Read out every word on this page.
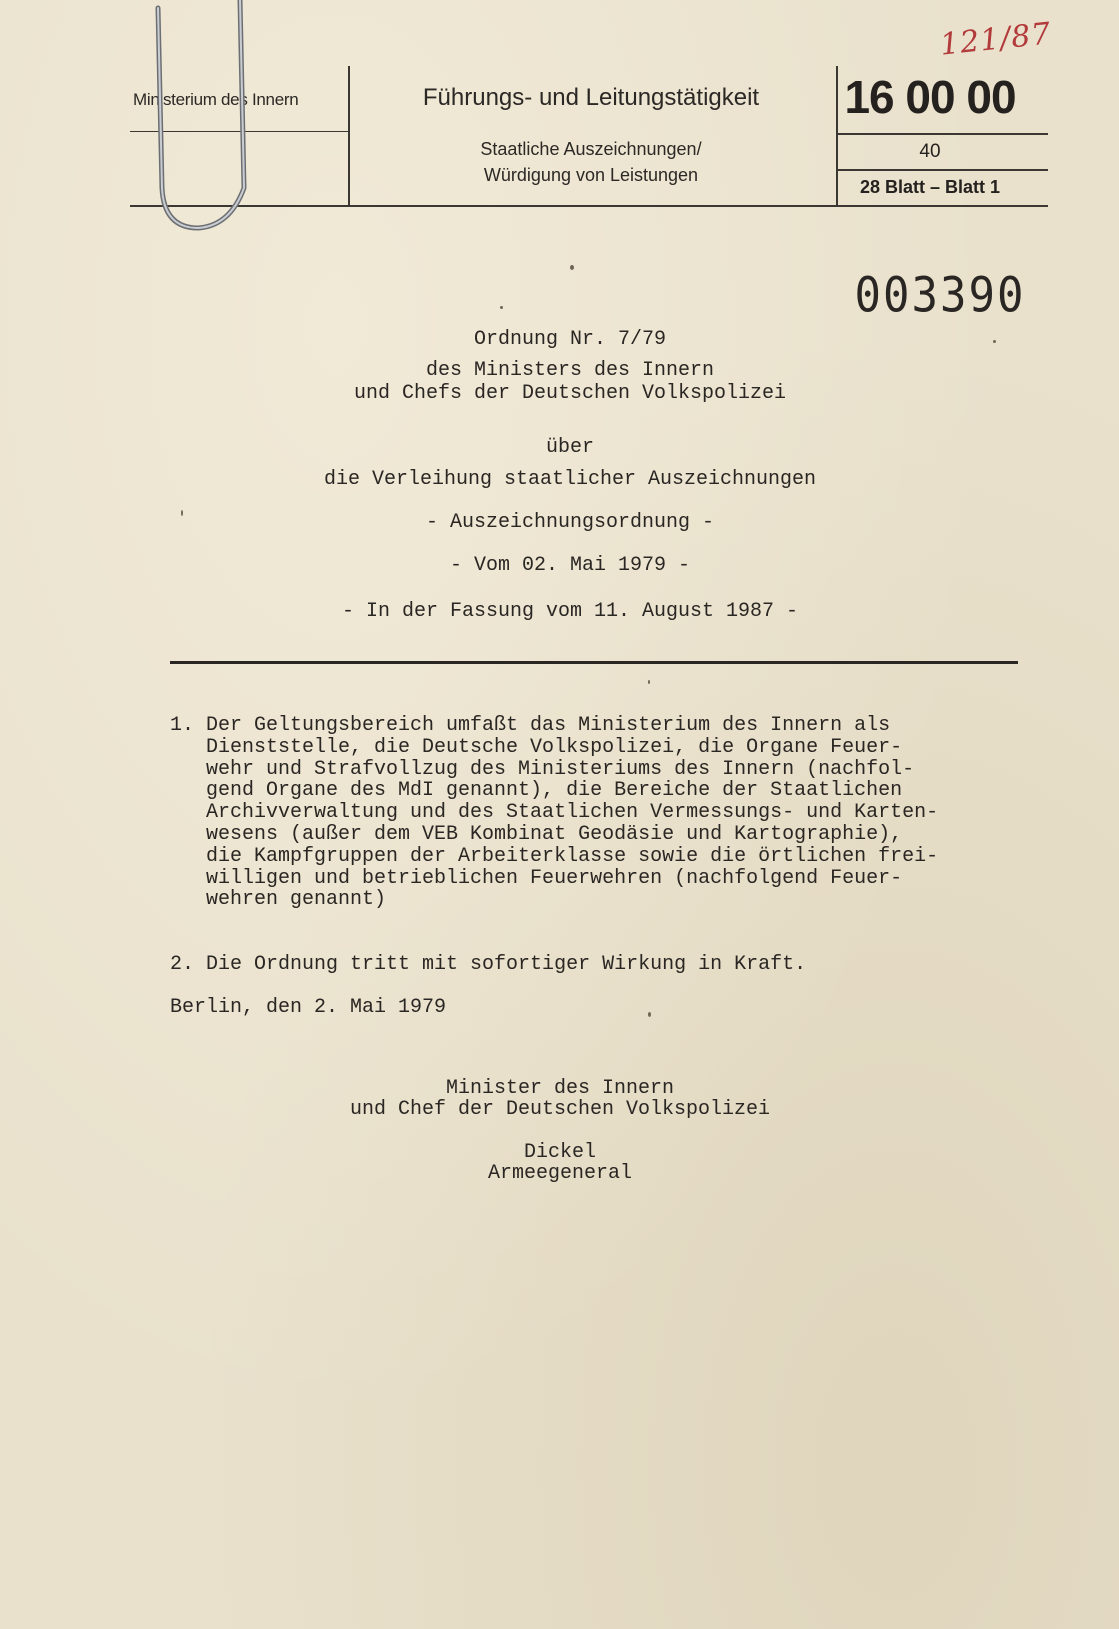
Ministerium des Innern	Führungs- und Leitungstätigkeit
Staatliche Auszeichnungen/
Würdigung von Leistungen
16 00 00
40
28 Blatt – Blatt 1
121/87
003390
Ordnung Nr. 7/79
des Ministers des Innern
und Chefs der Deutschen Volkspolizei
über
die Verleihung staatlicher Auszeichnungen
- Auszeichnungsordnung -
- Vom 02. Mai 1979 -
- In der Fassung vom 11. August 1987 -
1. Der Geltungsbereich umfaßt das Ministerium des Innern als
Dienststelle, die Deutsche Volkspolizei, die Organe Feuer-
wehr und Strafvollzug des Ministeriums des Innern (nachfol-
gend Organe des MdI genannt), die Bereiche der Staatlichen
Archivverwaltung und des Staatlichen Vermessungs- und Karten-
wesens (außer dem VEB Kombinat Geodäsie und Kartographie),
die Kampfgruppen der Arbeiterklasse sowie die örtlichen frei-
willigen und betrieblichen Feuerwehren (nachfolgend Feuer-
wehren genannt)
2. Die Ordnung tritt mit sofortiger Wirkung in Kraft.
Berlin, den 2. Mai 1979
Minister des Innern
und Chef der Deutschen Volkspolizei
Dickel
Armeegeneral
